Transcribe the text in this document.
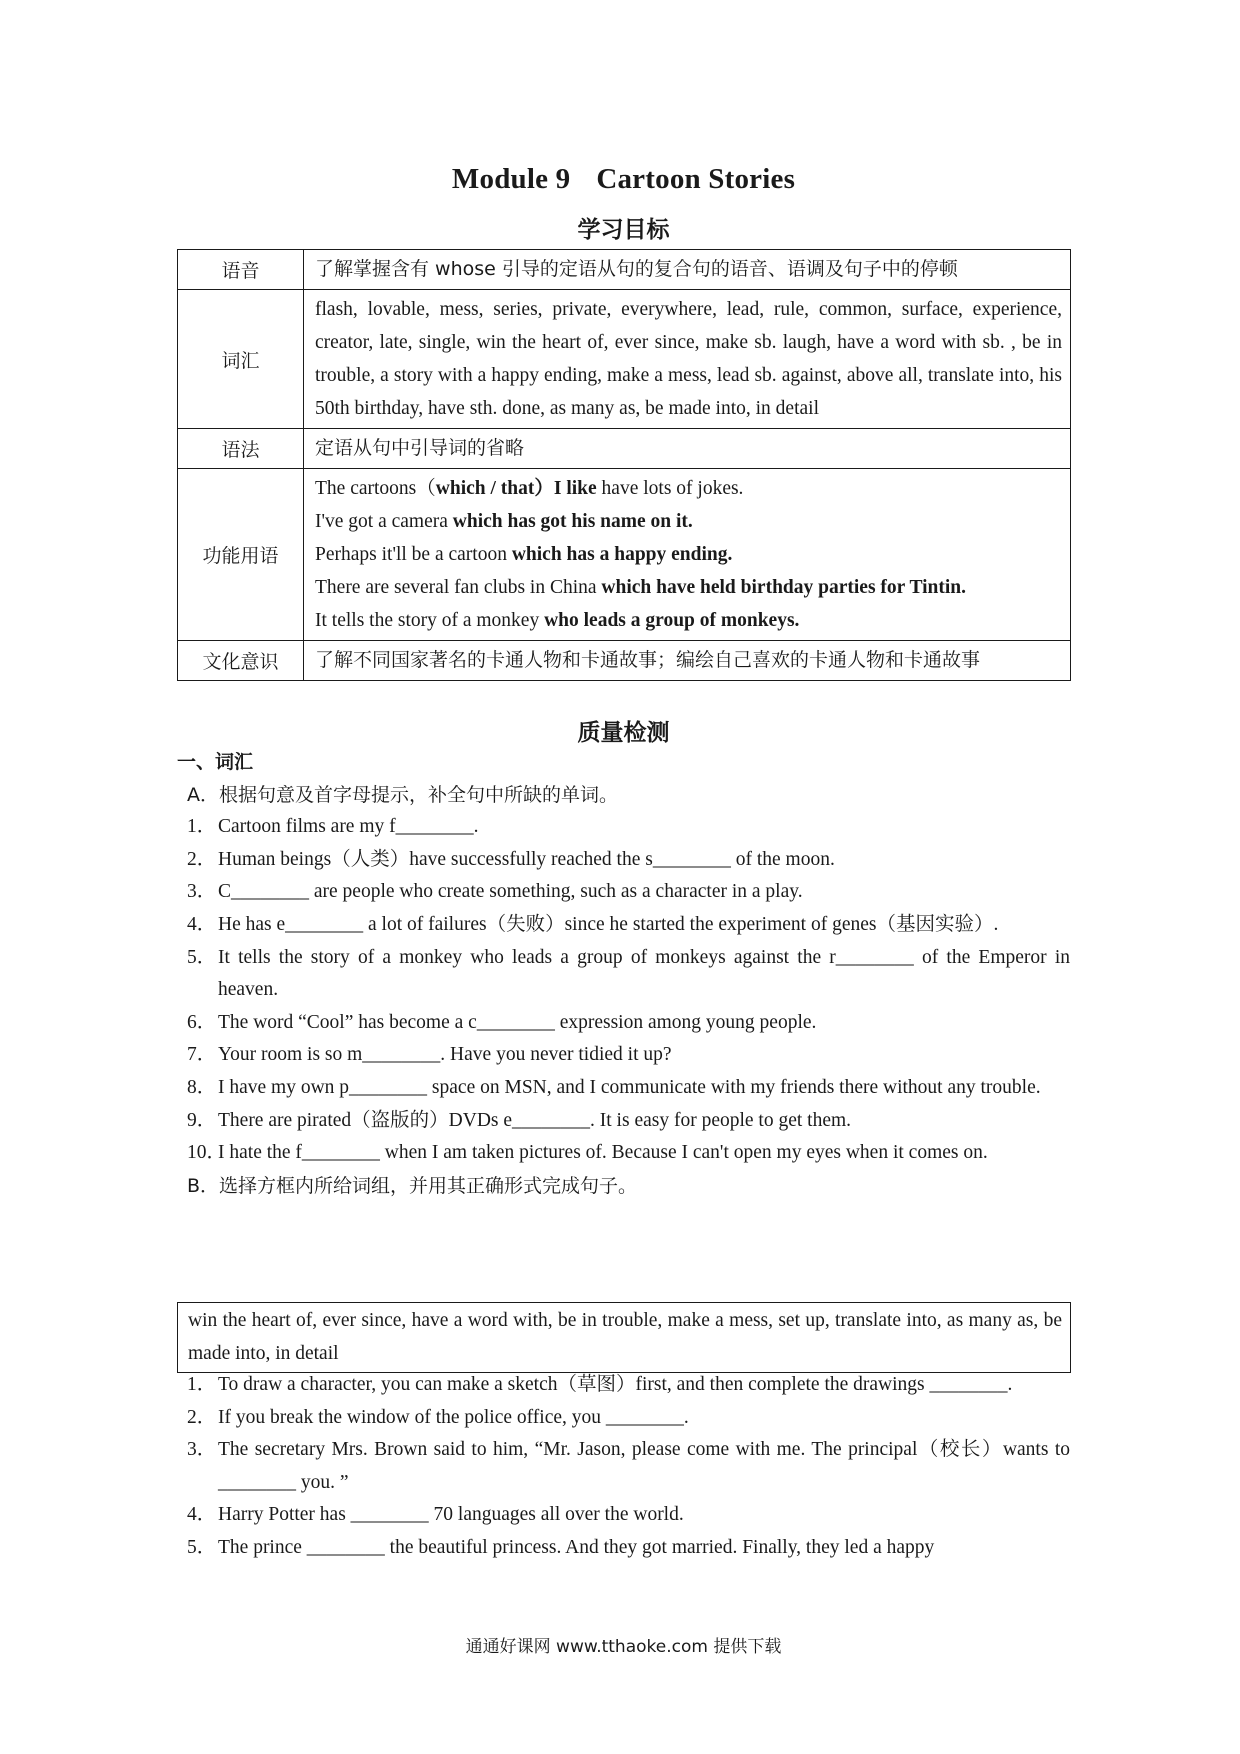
Module 9 Cartoon Stories
学习目标
语音	了解掌握含有 whose 引导的定语从句的复合句的语音、语调及句子中的停顿
词汇	flash, lovable, mess, series, private, everywhere, lead, rule, common, surface, experience, creator, late, single, win the heart of, ever since, make sb. laugh, have a word with sb. , be in trouble, a story with a happy ending, make a mess, lead sb. against, above all, translate into, his 50th birthday, have sth. done, as many as, be made into, in detail
语法	定语从句中引导词的省略
功能用语	The cartoons（which / that）I like have lots of jokes.
I've got a camera which has got his name on it.
Perhaps it'll be a cartoon which has a happy ending.
There are several fan clubs in China which have held birthday parties for Tintin.
It tells the story of a monkey who leads a group of monkeys.

文化意识	了解不同国家著名的卡通人物和卡通故事；编绘自己喜欢的卡通人物和卡通故事
质量检测
一、词汇
A．根据句意及首字母提示，补全句中所缺的单词。
1． Cartoon films are my f________.
2． Human beings（人类）have successfully reached the s________ of the moon.
3． C________ are people who create something, such as a character in a play.
4． He has e________ a lot of failures（失败）since he started the experiment of genes（基因实验）.
5． It tells the story of a monkey who leads a group of monkeys against the r________ of the Emperor in heaven.
6． The word “Cool” has become a c________ expression among young people.
7． Your room is so m________. Have you never tidied it up?
8． I have my own p________ space on MSN, and I communicate with my friends there without any trouble.
9． There are pirated（盗版的）DVDs e________. It is easy for people to get them.
10．
I hate the f________ when I am taken pictures of. Because I can't open my eyes when it comes on.
B．选择方框内所给词组，并用其正确形式完成句子。
win the heart of, ever since, have a word with, be in trouble, make a mess, set up, translate into, as many as, be made into, in detail
1． To draw a character, you can make a sketch（草图）first, and then complete the drawings ________.
2． If you break the window of the police office, you ________.
3． The secretary Mrs. Brown said to him, “Mr. Jason, please come with me. The principal（校长）wants to ________ you. ”
4． Harry Potter has ________ 70 languages all over the world.
5． The prince ________ the beautiful princess. And they got married. Finally, they led a happy
通通好课网 www.tthaoke.com 提供下载
